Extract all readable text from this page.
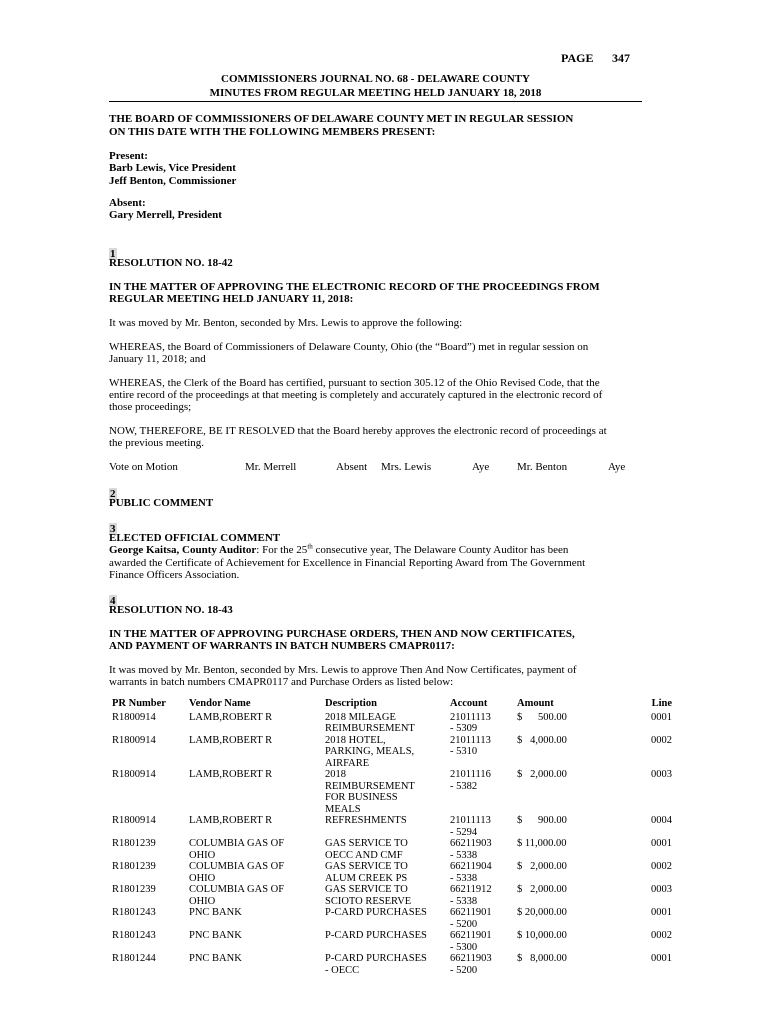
PAGE 347
COMMISSIONERS JOURNAL NO. 68 - DELAWARE COUNTY
MINUTES FROM REGULAR MEETING HELD JANUARY 18, 2018
THE BOARD OF COMMISSIONERS OF DELAWARE COUNTY MET IN REGULAR SESSION
ON THIS DATE WITH THE FOLLOWING MEMBERS PRESENT:
Present:
Barb Lewis, Vice President
Jeff Benton, Commissioner
Absent:
Gary Merrell, President
1
RESOLUTION NO. 18-42
IN THE MATTER OF APPROVING THE ELECTRONIC RECORD OF THE PROCEEDINGS FROM
REGULAR MEETING HELD JANUARY 11, 2018:
It was moved by Mr. Benton, seconded by Mrs. Lewis to approve the following:
WHEREAS, the Board of Commissioners of Delaware County, Ohio (the “Board”) met in regular session on
January 11, 2018; and
WHEREAS, the Clerk of the Board has certified, pursuant to section 305.12 of the Ohio Revised Code, that the
entire record of the proceedings at that meeting is completely and accurately captured in the electronic record of
those proceedings;
NOW, THEREFORE, BE IT RESOLVED that the Board hereby approves the electronic record of proceedings at
the previous meeting.
Vote on Motion	Mr. Merrell	Absent Mrs. Lewis	Aye	Mr. Benton	Aye
2
PUBLIC COMMENT
3
ELECTED OFFICIAL COMMENT
George Kaitsa, County Auditor: For the 25th consecutive year, The Delaware County Auditor has been
awarded the Certificate of Achievement for Excellence in Financial Reporting Award from The Government
Finance Officers Association.
4
RESOLUTION NO. 18-43
IN THE MATTER OF APPROVING PURCHASE ORDERS, THEN AND NOW CERTIFICATES,
AND PAYMENT OF WARRANTS IN BATCH NUMBERS CMAPR0117:
It was moved by Mr. Benton, seconded by Mrs. Lewis to approve Then And Now Certificates, payment of
warrants in batch numbers CMAPR0117 and Purchase Orders as listed below:
PR Number	Vendor Name	Description	Account	Amount	Line
R1800914	LAMB,ROBERT R	2018 MILEAGE
REIMBURSEMENT	21011113
- 5309	$      500.00	0001
R1800914	LAMB,ROBERT R	2018 HOTEL,
PARKING, MEALS,
AIRFARE	21011113
- 5310	$   4,000.00	0002
R1800914	LAMB,ROBERT R	2018
REIMBURSEMENT
FOR BUSINESS
MEALS	21011116
- 5382	$   2,000.00	0003
R1800914	LAMB,ROBERT R	REFRESHMENTS	21011113
- 5294	$      900.00	0004
R1801239	COLUMBIA GAS OF
OHIO	GAS SERVICE TO
OECC AND CMF	66211903
- 5338	$ 11,000.00	0001
R1801239	COLUMBIA GAS OF
OHIO	GAS SERVICE TO
ALUM CREEK PS	66211904
- 5338	$   2,000.00	0002
R1801239	COLUMBIA GAS OF
OHIO	GAS SERVICE TO
SCIOTO RESERVE	66211912
- 5338	$   2,000.00	0003
R1801243	PNC BANK	P-CARD PURCHASES	66211901
- 5200	$ 20,000.00	0001
R1801243	PNC BANK	P-CARD PURCHASES	66211901
- 5300	$ 10,000.00	0002
R1801244	PNC BANK	P-CARD PURCHASES
- OECC	66211903
- 5200	$   8,000.00	0001
